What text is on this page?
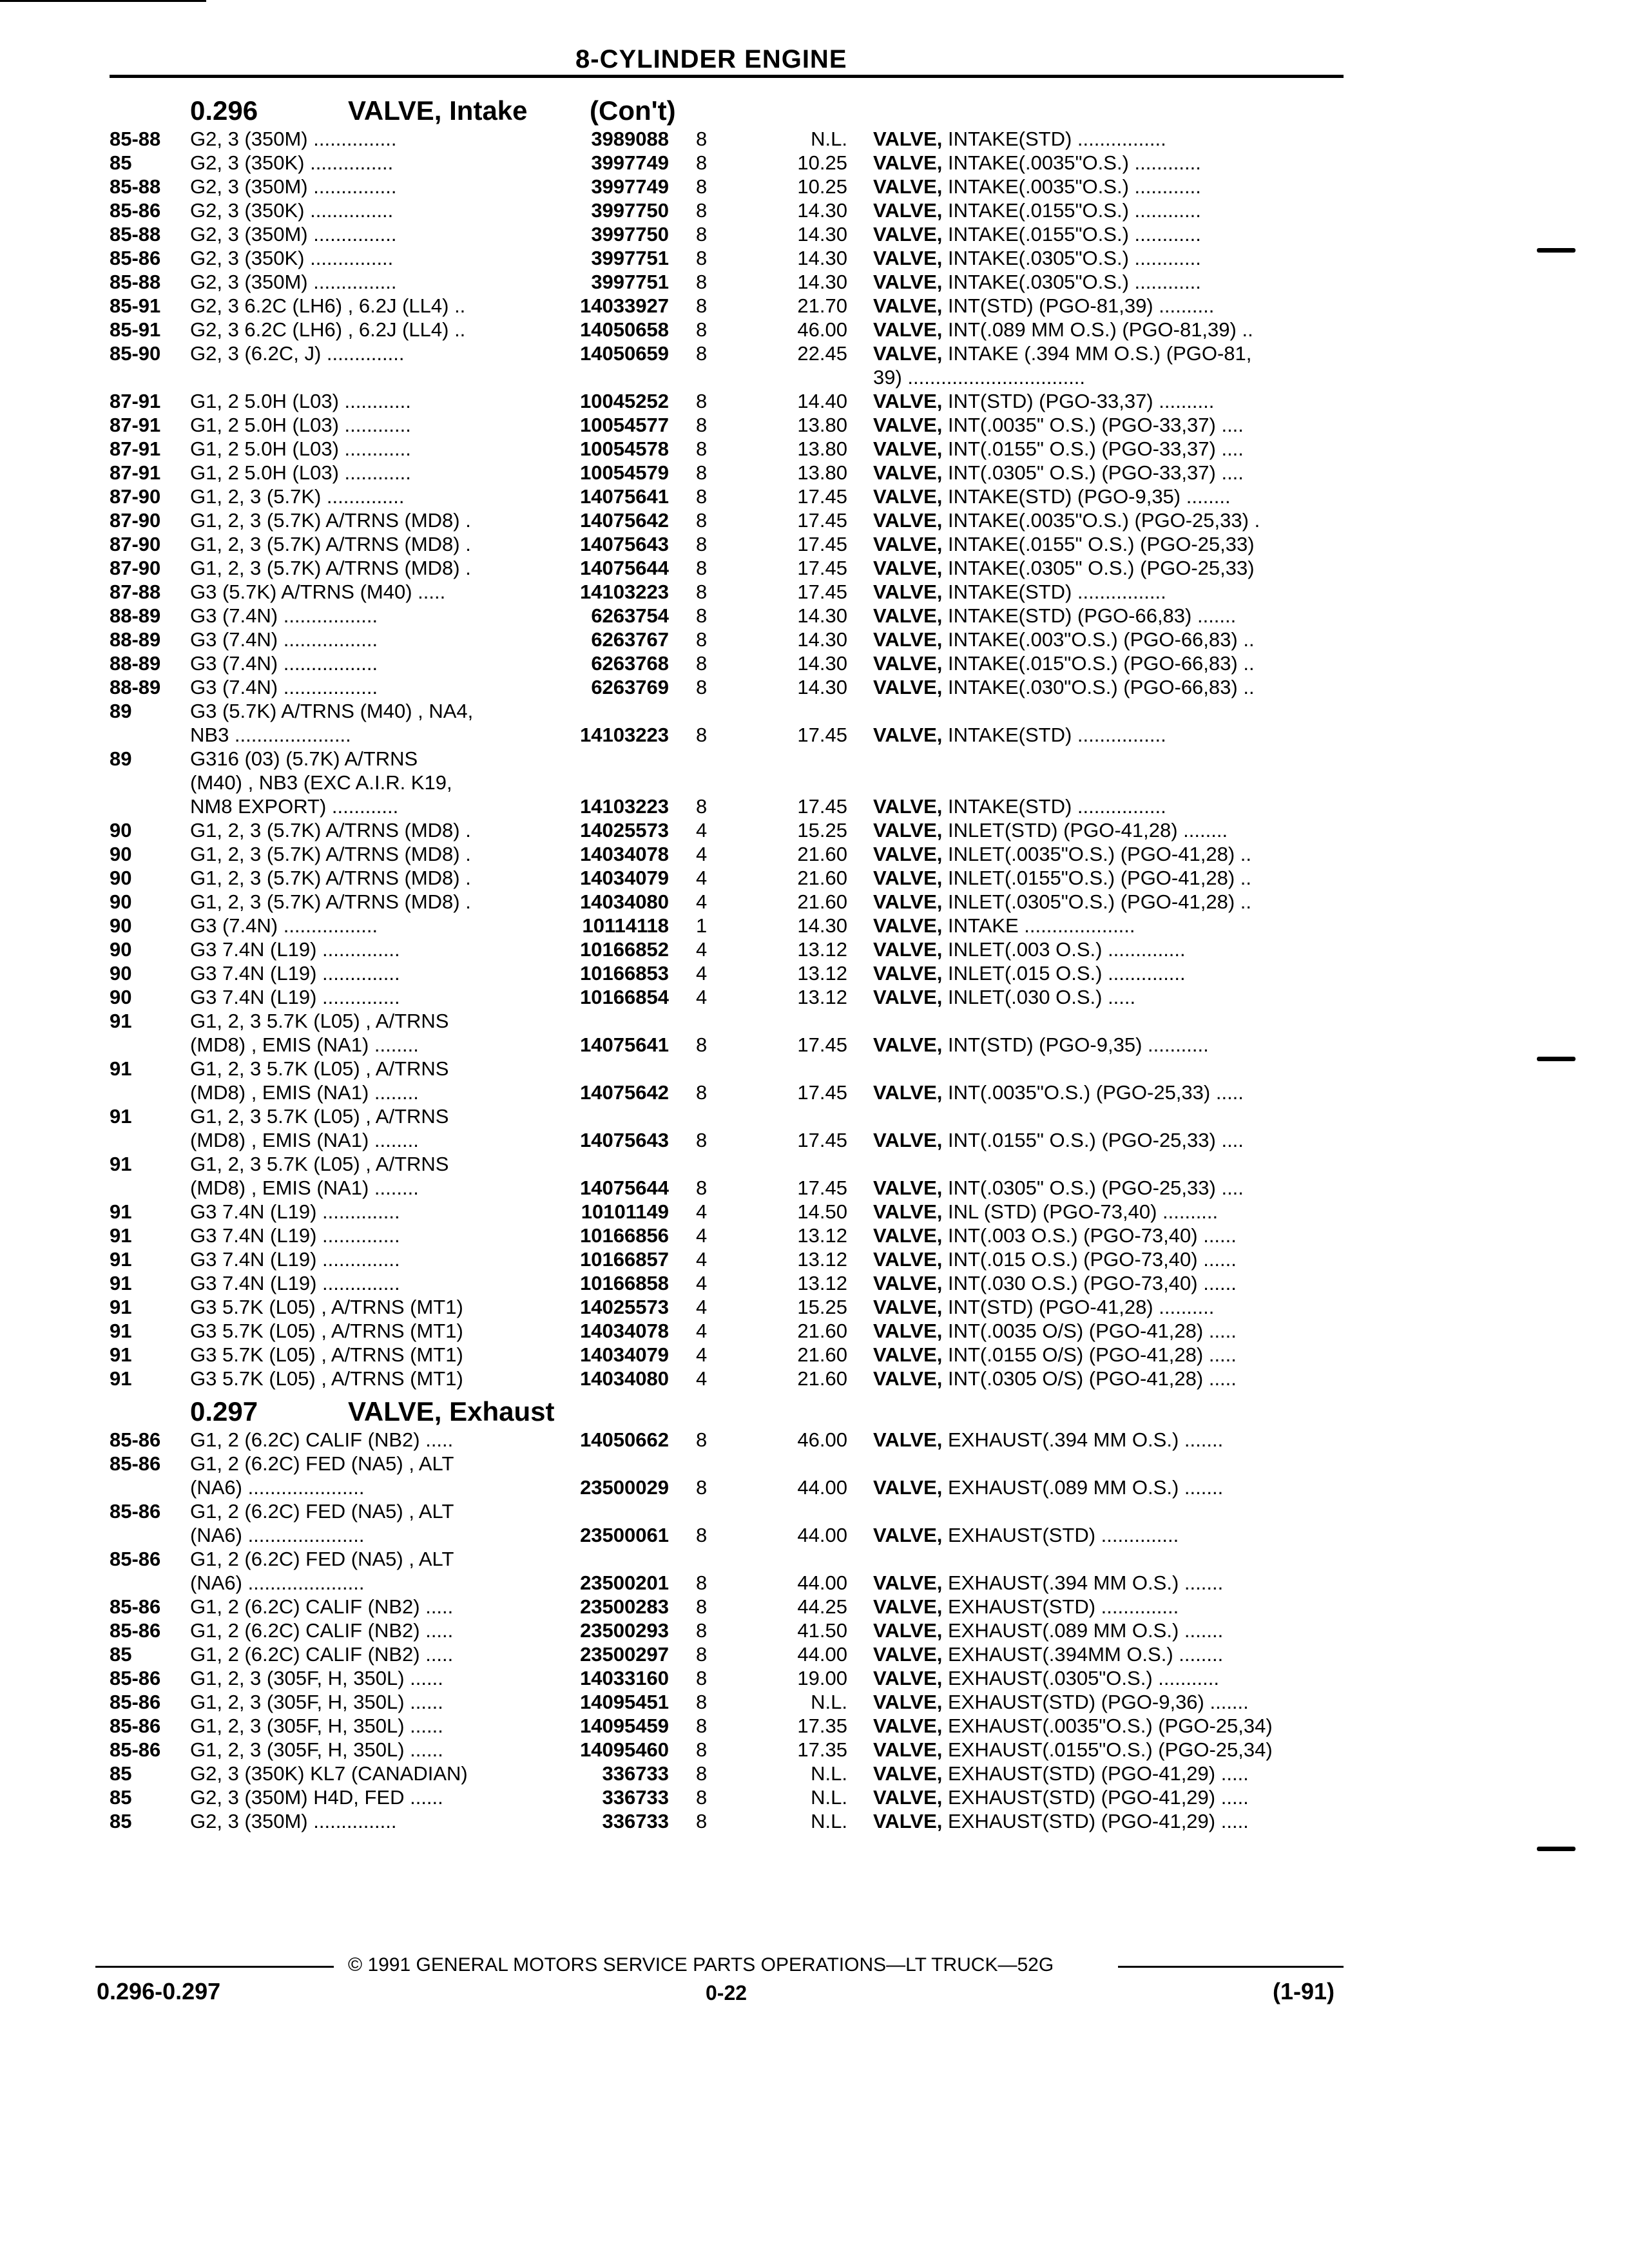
8-CYLINDER ENGINE
0.296	VALVE, Intake (Con't)
85-88 G2, 3 (350M) ...............	3989088 8	N.L. VALVE, INTAKE(STD) ................
85	G2, 3 (350K) ...............	3997749 8	10.25 VALVE, INTAKE(.0035"O.S.) ............
85-88 G2, 3 (350M) ...............	3997749 8	10.25 VALVE, INTAKE(.0035"O.S.) ............
85-86 G2, 3 (350K) ...............	3997750 8	14.30 VALVE, INTAKE(.0155"O.S.) ............
85-88 G2, 3 (350M) ...............	3997750 8	14.30 VALVE, INTAKE(.0155"O.S.) ............
85-86 G2, 3 (350K) ...............	3997751 8	14.30 VALVE, INTAKE(.0305"O.S.) ............
85-88 G2, 3 (350M) ...............	3997751 8	14.30 VALVE, INTAKE(.0305"O.S.) ............
85-91 G2, 3 6.2C (LH6) , 6.2J (LL4) ..	14033927 8	21.70 VALVE, INT(STD) (PGO-81,39) ..........
85-91 G2, 3 6.2C (LH6) , 6.2J (LL4) ..	14050658 8	46.00 VALVE, INT(.089 MM O.S.) (PGO-81,39) ..
85-90 G2, 3 (6.2C, J) ..............	14050659 8	22.45 VALVE, INTAKE (.394 MM O.S.) (PGO-81,
39) ................................
87-91 G1, 2 5.0H (L03) ............	10045252 8	14.40 VALVE, INT(STD) (PGO-33,37) ..........
87-91 G1, 2 5.0H (L03) ............	10054577 8	13.80 VALVE, INT(.0035" O.S.) (PGO-33,37) ....
87-91 G1, 2 5.0H (L03) ............	10054578 8	13.80 VALVE, INT(.0155" O.S.) (PGO-33,37) ....
87-91 G1, 2 5.0H (L03) ............	10054579 8	13.80 VALVE, INT(.0305" O.S.) (PGO-33,37) ....
87-90 G1, 2, 3 (5.7K) ..............	14075641 8	17.45 VALVE, INTAKE(STD) (PGO-9,35) ........
87-90 G1, 2, 3 (5.7K) A/TRNS (MD8) .	14075642 8	17.45 VALVE, INTAKE(.0035"O.S.) (PGO-25,33) .
87-90 G1, 2, 3 (5.7K) A/TRNS (MD8) .	14075643 8	17.45 VALVE, INTAKE(.0155" O.S.) (PGO-25,33)
87-90 G1, 2, 3 (5.7K) A/TRNS (MD8) .	14075644 8	17.45 VALVE, INTAKE(.0305" O.S.) (PGO-25,33)
87-88 G3 (5.7K) A/TRNS (M40) .....	14103223 8	17.45 VALVE, INTAKE(STD) ................
88-89 G3 (7.4N) .................	6263754 8	14.30 VALVE, INTAKE(STD) (PGO-66,83) .......
88-89 G3 (7.4N) .................	6263767 8	14.30 VALVE, INTAKE(.003"O.S.) (PGO-66,83) ..
88-89 G3 (7.4N) .................	6263768 8	14.30 VALVE, INTAKE(.015"O.S.) (PGO-66,83) ..
88-89 G3 (7.4N) .................	6263769 8	14.30 VALVE, INTAKE(.030"O.S.) (PGO-66,83) ..
89	G3 (5.7K) A/TRNS (M40) , NA4,
NB3 .....................	14103223 8	17.45 VALVE, INTAKE(STD) ................
89	G316 (03) (5.7K) A/TRNS
(M40) , NB3 (EXC A.I.R. K19,
NM8 EXPORT) ............	14103223 8	17.45 VALVE, INTAKE(STD) ................
90	G1, 2, 3 (5.7K) A/TRNS (MD8) .	14025573 4	15.25 VALVE, INLET(STD) (PGO-41,28) ........
90	G1, 2, 3 (5.7K) A/TRNS (MD8) .	14034078 4	21.60 VALVE, INLET(.0035"O.S.) (PGO-41,28) ..
90	G1, 2, 3 (5.7K) A/TRNS (MD8) .	14034079 4	21.60 VALVE, INLET(.0155"O.S.) (PGO-41,28) ..
90	G1, 2, 3 (5.7K) A/TRNS (MD8) .	14034080 4	21.60 VALVE, INLET(.0305"O.S.) (PGO-41,28) ..
90	G3 (7.4N) .................	10114118 1	14.30 VALVE, INTAKE ....................
90	G3 7.4N (L19) ..............	10166852 4	13.12 VALVE, INLET(.003 O.S.) ..............
90	G3 7.4N (L19) ..............	10166853 4	13.12 VALVE, INLET(.015 O.S.) ..............
90	G3 7.4N (L19) ..............	10166854 4	13.12 VALVE, INLET(.030 O.S.) .....
91	G1, 2, 3 5.7K (L05) , A/TRNS
(MD8) , EMIS (NA1) ........	14075641 8	17.45 VALVE, INT(STD) (PGO-9,35) ...........
91	G1, 2, 3 5.7K (L05) , A/TRNS
(MD8) , EMIS (NA1) ........	14075642 8	17.45 VALVE, INT(.0035"O.S.) (PGO-25,33) .....
91	G1, 2, 3 5.7K (L05) , A/TRNS
(MD8) , EMIS (NA1) ........	14075643 8	17.45 VALVE, INT(.0155" O.S.) (PGO-25,33) ....
91	G1, 2, 3 5.7K (L05) , A/TRNS
(MD8) , EMIS (NA1) ........	14075644 8	17.45 VALVE, INT(.0305" O.S.) (PGO-25,33) ....
91	G3 7.4N (L19) ..............	10101149 4	14.50 VALVE, INL (STD) (PGO-73,40) ..........
91	G3 7.4N (L19) ..............	10166856 4	13.12 VALVE, INT(.003 O.S.) (PGO-73,40) ......
91	G3 7.4N (L19) ..............	10166857 4	13.12 VALVE, INT(.015 O.S.) (PGO-73,40) ......
91	G3 7.4N (L19) ..............	10166858 4	13.12 VALVE, INT(.030 O.S.) (PGO-73,40) ......
91	G3 5.7K (L05) , A/TRNS (MT1)	14025573 4	15.25 VALVE, INT(STD) (PGO-41,28) ..........
91	G3 5.7K (L05) , A/TRNS (MT1)	14034078 4	21.60 VALVE, INT(.0035 O/S) (PGO-41,28) .....
91	G3 5.7K (L05) , A/TRNS (MT1)	14034079 4	21.60 VALVE, INT(.0155 O/S) (PGO-41,28) .....
91	G3 5.7K (L05) , A/TRNS (MT1)	14034080 4	21.60 VALVE, INT(.0305 O/S) (PGO-41,28) .....
0.297	VALVE, Exhaust
85-86 G1, 2 (6.2C) CALIF (NB2) .....	14050662 8	46.00 VALVE, EXHAUST(.394 MM O.S.) .......
85-86 G1, 2 (6.2C) FED (NA5) , ALT
(NA6) .....................	23500029 8	44.00 VALVE, EXHAUST(.089 MM O.S.) .......
85-86 G1, 2 (6.2C) FED (NA5) , ALT
(NA6) .....................	23500061 8	44.00 VALVE, EXHAUST(STD) ..............
85-86 G1, 2 (6.2C) FED (NA5) , ALT
(NA6) .....................	23500201 8	44.00 VALVE, EXHAUST(.394 MM O.S.) .......
85-86 G1, 2 (6.2C) CALIF (NB2) .....	23500283 8	44.25 VALVE, EXHAUST(STD) ..............
85-86 G1, 2 (6.2C) CALIF (NB2) .....	23500293 8	41.50 VALVE, EXHAUST(.089 MM O.S.) .......
85	G1, 2 (6.2C) CALIF (NB2) .....	23500297 8	44.00 VALVE, EXHAUST(.394MM O.S.) ........
85-86 G1, 2, 3 (305F, H, 350L) ......	14033160 8	19.00 VALVE, EXHAUST(.0305"O.S.) ...........
85-86 G1, 2, 3 (305F, H, 350L) ......	14095451 8	N.L. VALVE, EXHAUST(STD) (PGO-9,36) .......
85-86 G1, 2, 3 (305F, H, 350L) ......	14095459 8	17.35 VALVE, EXHAUST(.0035"O.S.) (PGO-25,34)
85-86 G1, 2, 3 (305F, H, 350L) ......	14095460 8	17.35 VALVE, EXHAUST(.0155"O.S.) (PGO-25,34)
85	G2, 3 (350K) KL7 (CANADIAN)	336733 8	N.L. VALVE, EXHAUST(STD) (PGO-41,29) .....
85	G2, 3 (350M) H4D, FED ......	336733 8	N.L. VALVE, EXHAUST(STD) (PGO-41,29) .....
85	G2, 3 (350M) ...............	336733 8	N.L. VALVE, EXHAUST(STD) (PGO-41,29) .....
© 1991 GENERAL MOTORS SERVICE PARTS OPERATIONS—LT TRUCK—52G
0.296-0.297	0-22	(1-91)
